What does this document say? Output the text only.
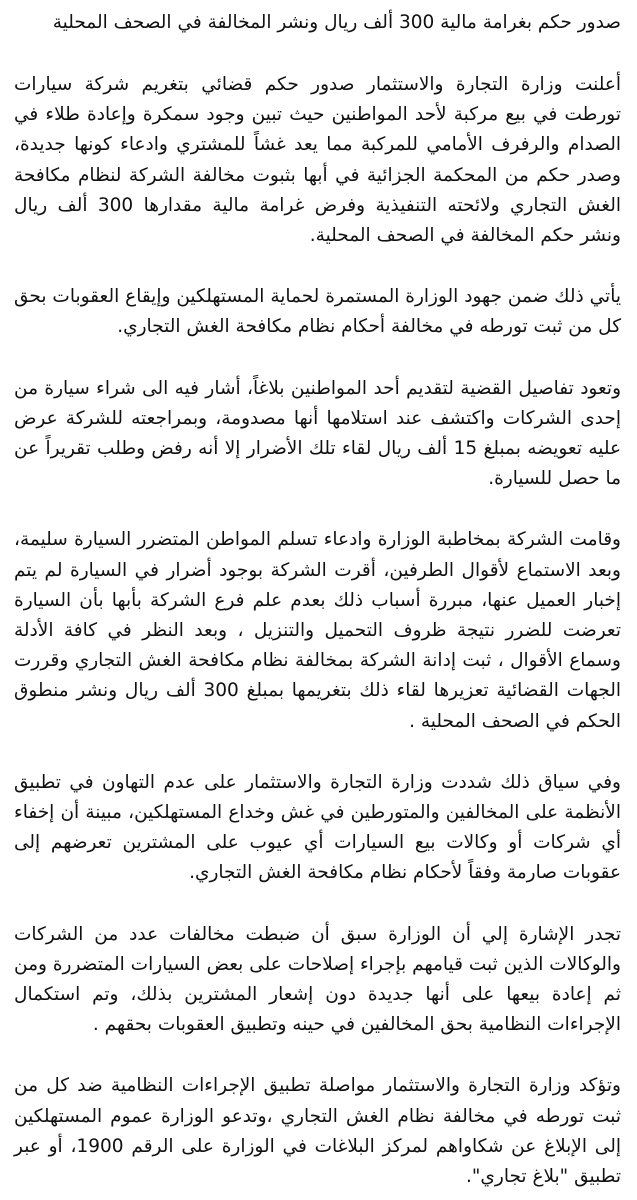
صدور حكم بغرامة مالية 300 ألف ريال ونشر المخالفة في الصحف المحلية

أعلنت وزارة التجارة والاستثمار صدور حكم قضائي بتغريم شركة سيارات تورطت في بيع مركبة لأحد المواطنين حيث تبين وجود سمكرة وإعادة طلاء في الصدام والرفرف الأمامي للمركبة مما يعد غشاً للمشتري وادعاء كونها جديدة، وصدر حكم من المحكمة الجزائية في أبها بثبوت مخالفة الشركة لنظام مكافحة الغش التجاري ولائحته التنفيذية وفرض غرامة مالية مقدارها 300 ألف ريال ونشر حكم المخالفة في الصحف المحلية.

يأتي ذلك ضمن جهود الوزارة المستمرة لحماية المستهلكين وإيقاع العقوبات بحق كل من ثبت تورطه في مخالفة أحكام نظام مكافحة الغش التجاري.

وتعود تفاصيل القضية لتقديم أحد المواطنين بلاغاً، أشار فيه الى شراء سيارة من إحدى الشركات واكتشف عند استلامها أنها مصدومة، وبمراجعته للشركة عرض عليه تعويضه بمبلغ 15 ألف ريال لقاء تلك الأضرار إلا أنه رفض وطلب تقريراً عن ما حصل للسيارة.

وقامت الشركة بمخاطبة الوزارة وادعاء تسلم المواطن المتضرر السيارة سليمة، وبعد الاستماع لأقوال الطرفين، أقرت الشركة بوجود أضرار في السيارة لم يتم إخبار العميل عنها، مبررة أسباب ذلك بعدم علم فرع الشركة بأبها بأن السيارة تعرضت للضرر نتيجة ظروف التحميل والتنزيل ، وبعد النظر في كافة الأدلة وسماع الأقوال ، ثبت إدانة الشركة بمخالفة نظام مكافحة الغش التجاري وقررت الجهات القضائية تعزيرها لقاء ذلك بتغريمها بمبلغ 300 ألف ريال ونشر منطوق الحكم في الصحف المحلية .

وفي سياق ذلك شددت وزارة التجارة والاستثمار على عدم التهاون في تطبيق الأنظمة على المخالفين والمتورطين في غش وخداع المستهلكين، مبينة أن إخفاء أي شركات أو وكالات بيع السيارات أي عيوب على المشترين تعرضهم إلى عقوبات صارمة وفقاً لأحكام نظام مكافحة الغش التجاري.

تجدر الإشارة إلي أن الوزارة سبق أن ضبطت مخالفات عدد من الشركات والوكالات الذين ثبت قيامهم بإجراء إصلاحات على بعض السيارات المتضررة ومن ثم إعادة بيعها على أنها جديدة دون إشعار المشترين بذلك، وتم استكمال الإجراءات النظامية بحق المخالفين في حينه وتطبيق العقوبات بحقهم .

وتؤكد وزارة التجارة والاستثمار مواصلة تطبيق الإجراءات النظامية ضد كل من ثبت تورطه في مخالفة نظام الغش التجاري ،وتدعو الوزارة عموم المستهلكين إلى الإبلاغ عن شكاواهم لمركز البلاغات في الوزارة على الرقم 1900، أو عبر تطبيق "بلاغ تجاري".
